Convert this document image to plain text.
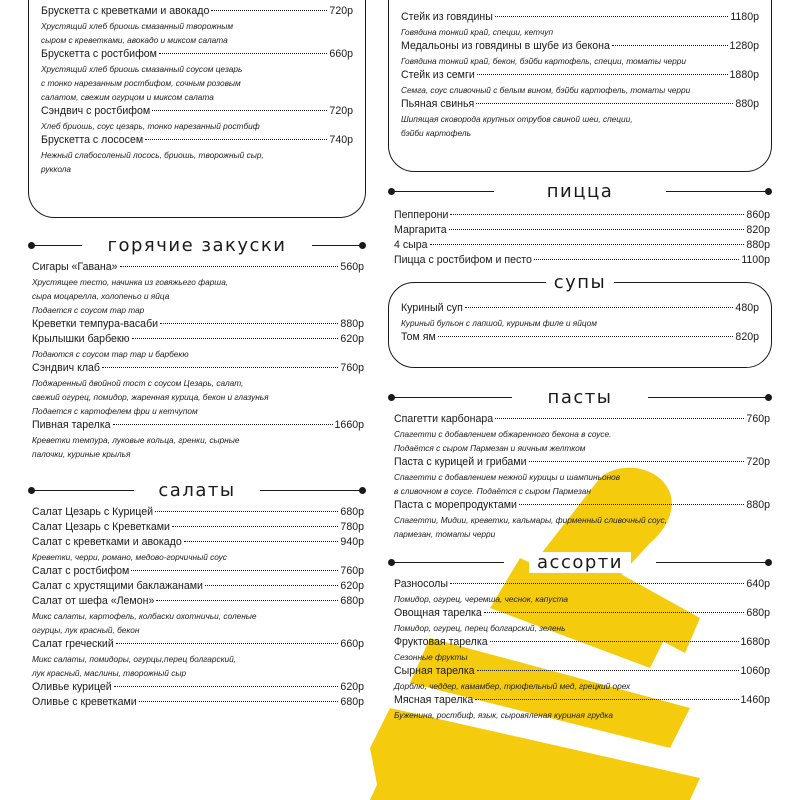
Брускетта с креветками и авокадо	720р
Хрустящий хлеб бриошь смазанный творожным
сыром с креветками, авокадо и миксом салата
Брускетта с ростбифом	660р
Хрустящий хлеб бриошь смазанный соусом цезарь
с тонко нарезанным ростбифом, сочным розовым
салатом, свежим огурцом и миксом салата
Сэндвич с ростбифом	720р
Хлеб бриошь, соус цезарь, тонко нарезанный ростбиф
Брускетта с лососем	740р
Нежный слабосоленый лосось, бриошь, творожный сыр,
руккола
горячие закуски
Сигары «Гавана»	560р
Хрустящее тесто, начинка из говяжьего фарша,
сыра моцарелла, холопеньо и яйца
Подается с соусом тар тар
Креветки темпура-васаби	880р
Крылышки барбекю	620р
Подаются с соусом тар тар и барбекю
Сэндвич клаб	760р
Поджаренный двойной тост с соусом Цезарь, салат,
свежий огурец, помидор, жаренная курица, бекон и глазунья
Подается с картофелем фри и кетчупом
Пивная тарелка	1660р
Креветки темпура, луковые кольца, гренки, сырные
палочки, куриные крылья
салаты
Салат Цезарь с Курицей	680р
Салат Цезарь с Креветками	780р
Салат с креветками и авокадо	940р
Креветки, черри, романо, медово-горчичный соус
Салат с ростбифом	760р
Салат с хрустящими баклажанами	620р
Салат от шефа «Лемон»	680р
Микс салаты, картофель, колбаски охотничьи, соленые
огурцы, лук красный, бекон
Салат греческий	660р
Микс салаты, помидоры, огурцы,перец болгарский,
лук красный, маслины, творожный сыр
Оливье курицей	620р
Оливье с креветками	680р
Стейк из говядины	1180р
Говядина тонкий край, специи, кетчуп
Медальоны из говядины в шубе из бекона	1280р
Говядина тонкий край, бекон, бэйби картофель, специи, томаты черри
Стейк из семги	1880р
Семга, соус сливочный с белым вином, бэйби картофель, томаты черри
Пьяная свинья	880р
Шипящая сковорода крупных отрубов свиной шеи, специи,
бэйби картофель
пицца
Пепперони	860р
Маргарита	820р
4 сыра	880р
Пицца с ростбифом и песто	1100р
супы
Куриный суп	480р
Куриный бульон с лапшой, куриным филе и яйцом
Том ям	820р
пасты
Спагетти карбонара	760р
Спагетти с добавлением обжаренного бекона в соусе.
Подаётся с сыром Пармезан и яичным желтком
Паста с курицей и грибами	720р
Спагетти с добавлением нежной курицы и шампиньонов
в сливочном в соусе. Подаётся с сыром Пармезан
Паста с морепродуктами	880р
Спагетти, Мидии, креветки, кальмары, фирменный сливочный соус,
пармезан, томаты черри
ассорти
Разносолы	640р
Помидор, огурец, черемша, чеснок, капуста
Овощная тарелка	680р
Помидор, огурец, перец болгарский, зелень
Фруктовая тарелка	1680р
Сезонные фрукты
Сырная тарелка	1060р
Дорблю, чеддер, камамбер, трюфельный мед, грецкий орех
Мясная тарелка	1460р
Буженина, ростбиф, язык, сыровяленая куриная грудка
